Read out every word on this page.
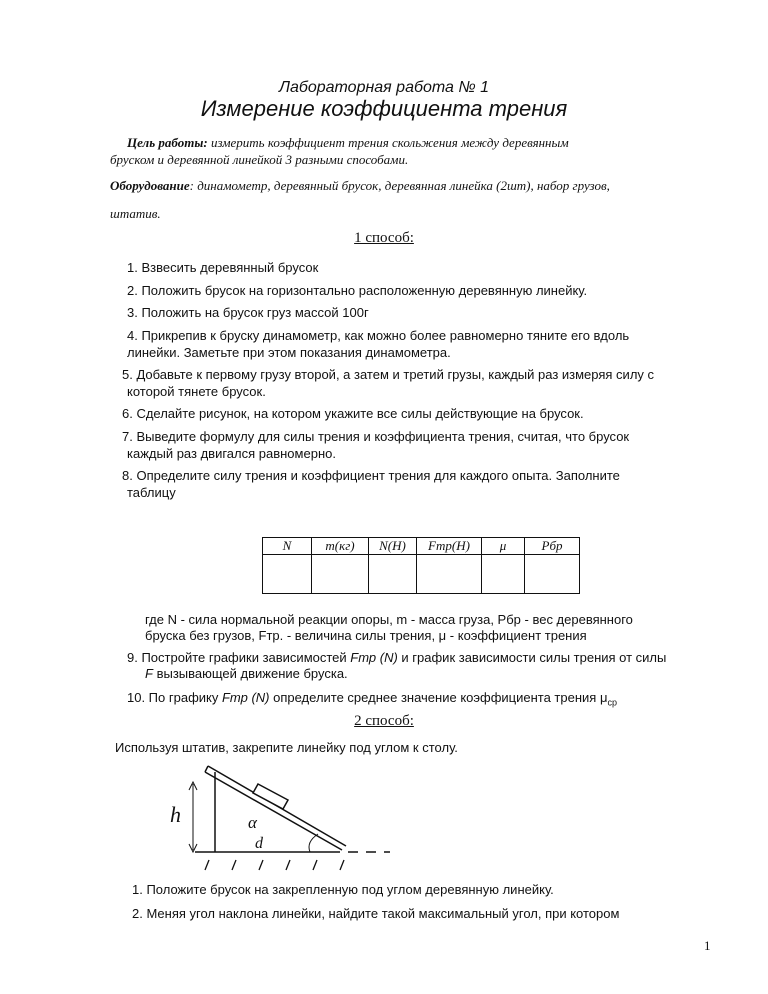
Лабораторная работа № 1
Измерение коэффициента трения
Цель работы: измерить коэффициент трения скольжения между деревянным
бруском и деревянной линейкой 3 разными способами.
Оборудование: динамометр, деревянный брусок, деревянная линейка (2шт), набор грузов,
штатив.
1 способ:
1. Взвесить деревянный брусок
2. Положить брусок на горизонтально расположенную деревянную линейку.
3. Положить на брусок груз массой 100г
4. Прикрепив к бруску динамометр, как можно более равномерно тяните его вдоль
линейки. Заметьте при этом показания динамометра.
5. Добавьте к первому грузу второй, а затем и третий грузы, каждый раз измеряя силу с
которой тянете брусок.
6. Сделайте рисунок, на котором укажите все силы действующие на брусок.
7. Выведите формулу для силы трения и коэффициента трения, считая, что брусок
каждый раз двигался равномерно.
8. Определите силу трения и коэффициент трения для каждого опыта. Заполните
таблицу
N	m(кг)	N(Н)	Fтр(Н)	μ	Pбр

где N - сила нормальной реакции опоры, m - масса груза, Pбр - вес деревянного
бруска без грузов, Fтр. - величина силы трения, μ - коэффициент трения
9. Постройте графики зависимостей Fтр (N) и график зависимости силы трения от силы
F вызывающей движение бруска.
10. По графику Fтр (N) определите среднее значение коэффициента трения $\mu_{ср}$
2 способ:
Используя штатив, закрепите линейку под углом к столу.
h	α
d
1. Положите брусок на закрепленную под углом деревянную линейку.
2. Меняя угол наклона линейки, найдите такой максимальный угол, при котором
1
